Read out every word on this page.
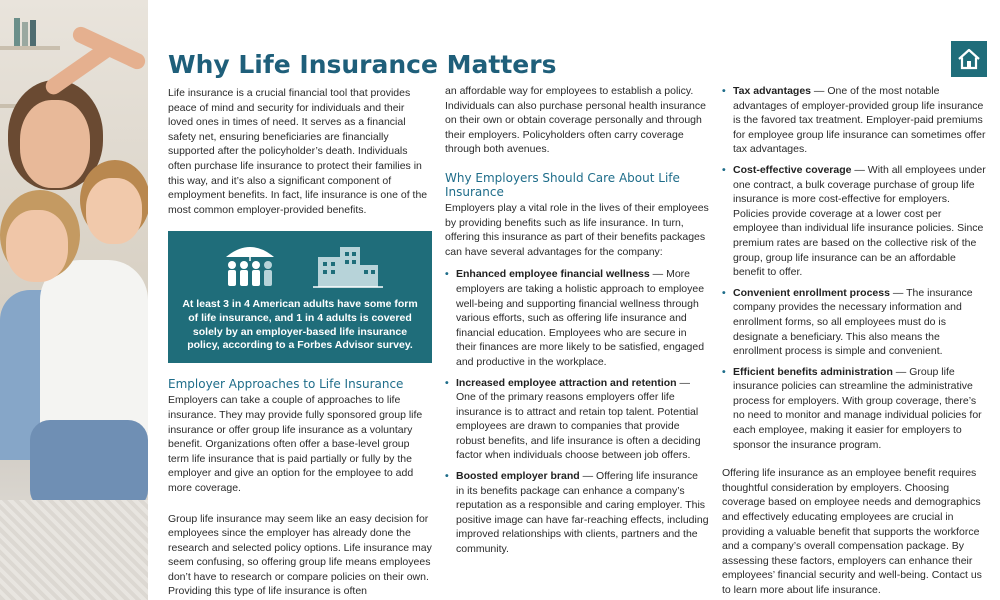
Why Life Insurance Matters

Life insurance is a crucial financial tool that provides peace of mind and security for individuals and their loved ones in times of need. It serves as a financial safety net, ensuring beneficiaries are financially supported after the policyholder’s death. Individuals often purchase life insurance to protect their families in this way, and it’s also a significant component of employment benefits. In fact, life insurance is one of the most common employer-provided benefits.

At least 3 in 4 American adults have some form of life insurance, and 1 in 4 adults is covered solely by an employer-based life insurance policy, according to a Forbes Advisor survey.
Employer Approaches to Life Insurance

Employers can take a couple of approaches to life insurance. They may provide fully sponsored group life insurance or offer group life insurance as a voluntary benefit. Organizations often offer a base-level group term life insurance that is paid partially or fully by the employer and give an option for the employee to add more coverage.

Group life insurance may seem like an easy decision for employees since the employer has already done the research and selected policy options. Life insurance may seem confusing, so offering group life means employees don’t have to research or compare policies on their own. Providing this type of life insurance is often

an affordable way for employees to establish a policy. Individuals can also purchase personal health insurance on their own or obtain coverage personally and through their employers. Policyholders often carry coverage through both avenues.

Why Employers Should Care About Life Insurance

Employers play a vital role in the lives of their employees by providing benefits such as life insurance. In turn, offering this insurance as part of their benefits packages can have several advantages for the company:

• Enhanced employee financial wellness — More employers are taking a holistic approach to employee well-being and supporting financial wellness through various efforts, such as offering life insurance and financial education. Employees who are secure in their finances are more likely to be satisfied, engaged and productive in the workplace.
• Increased employee attraction and retention — One of the primary reasons employers offer life insurance is to attract and retain top talent. Potential employees are drawn to companies that provide robust benefits, and life insurance is often a deciding factor when individuals choose between job offers.
• Boosted employer brand — Offering life insurance in its benefits package can enhance a company’s reputation as a responsible and caring employer. This positive image can have far-reaching effects, including improved relationships with clients, partners and the community.
• Tax advantages — One of the most notable advantages of employer-provided group life insurance is the favored tax treatment. Employer-paid premiums for employee group life insurance can sometimes offer tax advantages.
• Cost-effective coverage — With all employees under one contract, a bulk coverage purchase of group life insurance is more cost-effective for employers. Policies provide coverage at a lower cost per employee than individual life insurance policies. Since premium rates are based on the collective risk of the group, group life insurance can be an affordable benefit to offer.
• Convenient enrollment process — The insurance company provides the necessary information and enrollment forms, so all employees must do is designate a beneficiary. This also means the enrollment process is simple and convenient.
• Efficient benefits administration — Group life insurance policies can streamline the administrative process for employers. With group coverage, there’s no need to monitor and manage individual policies for each employee, making it easier for employers to sponsor the insurance program.

Offering life insurance as an employee benefit requires thoughtful consideration by employers. Choosing coverage based on employee needs and demographics and effectively educating employees are crucial in providing a valuable benefit that supports the workforce and a company’s overall compensation package. By assessing these factors, employers can enhance their employees’ financial security and well-being. Contact us to learn more about life insurance.
